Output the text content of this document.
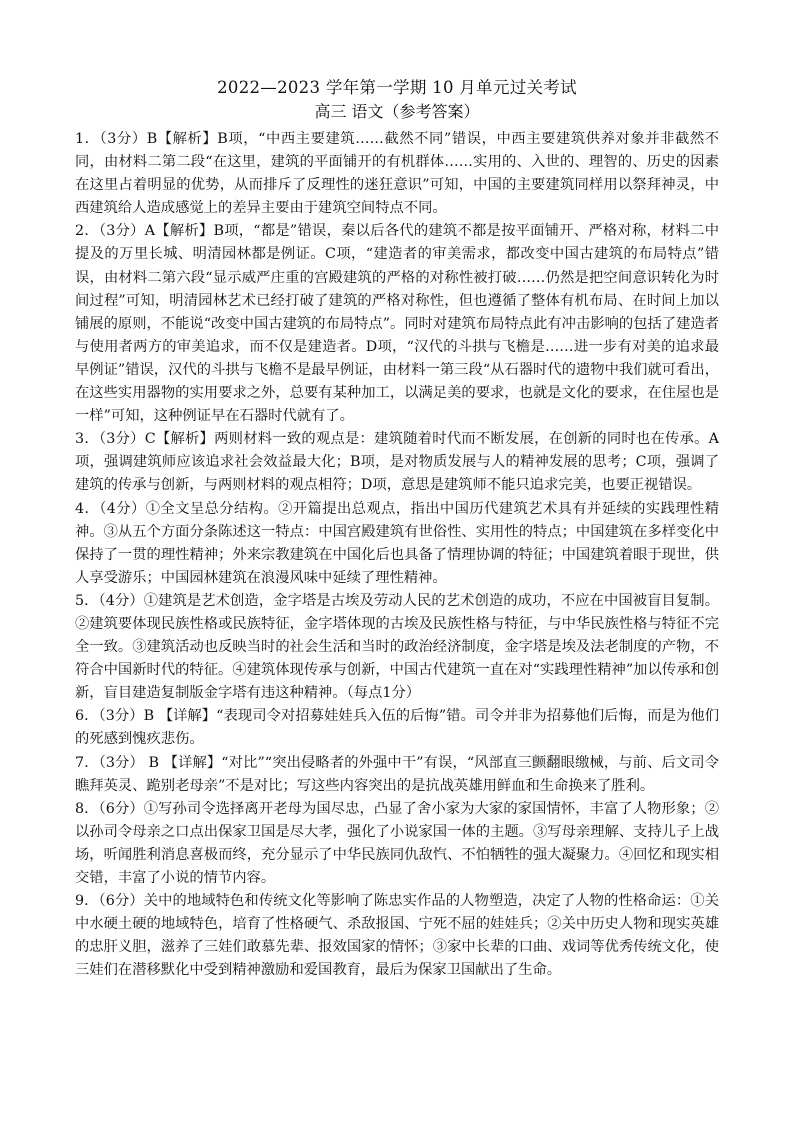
2022—2023 学年第一学期 10 月单元过关考试
高三 语文（参考答案）

1．（3分）B【解析】B项，“中西主要建筑……截然不同”错误，中西主要建筑供养对象并非截然不同，由材料二第二段“在这里，建筑的平面铺开的有机群体……实用的、入世的、理智的、历史的因素在这里占着明显的优势，从而排斥了反理性的迷狂意识”可知，中国的主要建筑同样用以祭拜神灵，中西建筑给人造成感觉上的差异主要由于建筑空间特点不同。

2．（3分）A【解析】B项，“都是”错误，秦以后各代的建筑不都是按平面铺开、严格对称，材料二中提及的万里长城、明清园林都是例证。C项，“建造者的审美需求，都改变中国古建筑的布局特点”错误，由材料二第六段“显示威严庄重的宫殿建筑的严格的对称性被打破……仍然是把空间意识转化为时间过程”可知，明清园林艺术已经打破了建筑的严格对称性，但也遵循了整体有机布局、在时间上加以铺展的原则，不能说“改变中国古建筑的布局特点”。同时对建筑布局特点此有冲击影响的包括了建造者与使用者两方的审美追求，而不仅是建造者。D项，“汉代的斗拱与飞檐是……进一步有对美的追求最早例证”错误，汉代的斗拱与飞檐不是最早例证，由材料一第三段“从石器时代的遗物中我们就可看出，在这些实用器物的实用要求之外，总要有某种加工，以满足美的要求，也就是文化的要求，在住屋也是一样”可知，这种例证早在石器时代就有了。

3．（3分）C【解析】两则材料一致的观点是：建筑随着时代而不断发展，在创新的同时也在传承。A项，强调建筑师应该追求社会效益最大化；B项，是对物质发展与人的精神发展的思考；C项，强调了建筑的传承与创新，与两则材料的观点相符；D项，意思是建筑师不能只追求完美，也要正视错误。

4．（4分）①全文呈总分结构。②开篇提出总观点，指出中国历代建筑艺术具有并延续的实践理性精神。③从五个方面分条陈述这一特点：中国宫殿建筑有世俗性、实用性的特点；中国建筑在多样变化中保持了一贯的理性精神；外来宗教建筑在中国化后也具备了情理协调的特征；中国建筑着眼于现世，供人享受游乐；中国园林建筑在浪漫风味中延续了理性精神。

5．（4分）①建筑是艺术创造，金字塔是古埃及劳动人民的艺术创造的成功，不应在中国被盲目复制。②建筑要体现民族性格或民族特征，金字塔体现的古埃及民族性格与特征，与中华民族性格与特征不完全一致。③建筑活动也反映当时的社会生活和当时的政治经济制度，金字塔是埃及法老制度的产物，不符合中国新时代的特征。④建筑体现传承与创新，中国古代建筑一直在对“实践理性精神”加以传承和创新，盲目建造复制版金字塔有违这种精神。（每点1分）

6．（3分）B 【详解】“表现司令对招募娃娃兵入伍的后悔”错。司令并非为招募他们后悔，而是为他们的死感到愧疚悲伤。

7．（3分） B 【详解】“对比”“突出侵略者的外强中干”有误，“风部直三颤翻眼缴械，与前、后文司令瞧拜英灵、跪别老母亲”不是对比；写这些内容突出的是抗战英雄用鲜血和生命换来了胜利。

8．（6分）①写孙司令选择离开老母为国尽忠，凸显了舍小家为大家的家国情怀，丰富了人物形象；②以孙司令母亲之口点出保家卫国是尽大孝，强化了小说家国一体的主题。③写母亲理解、支持儿子上战场，听闻胜利消息喜极而终，充分显示了中华民族同仇敌忾、不怕牺牲的强大凝聚力。④回忆和现实相交错，丰富了小说的情节内容。

9．（6分）关中的地域特色和传统文化等影响了陈忠实作品的人物塑造，决定了人物的性格命运：①关中水硬土硬的地域特色，培育了性格硬气、杀敌报国、宁死不屈的娃娃兵；②关中历史人物和现实英雄的忠肝义胆，滋养了三娃们敢慕先辈、报效国家的情怀；③家中长辈的口曲、戏词等优秀传统文化，使三娃们在潜移默化中受到精神激励和爱国教育，最后为保家卫国献出了生命。
